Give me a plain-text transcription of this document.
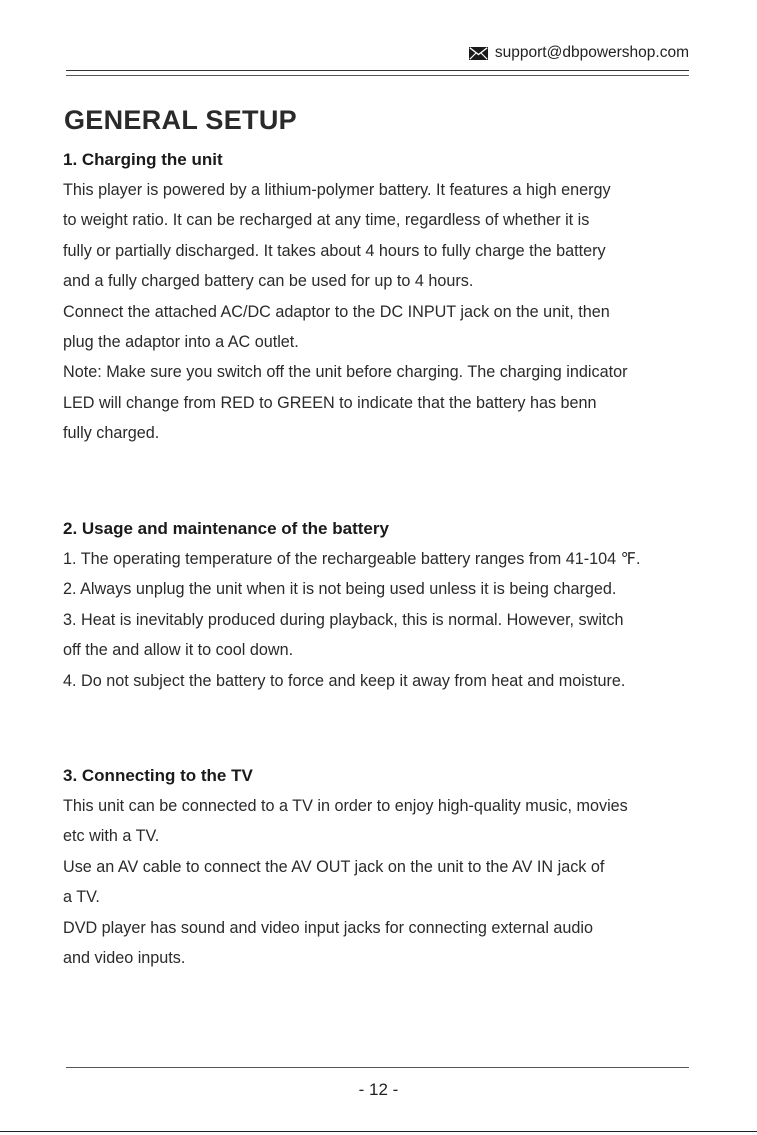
support@dbpowershop.com
GENERAL SETUP
1. Charging the unit
This player is powered by a lithium-polymer battery. It features a high energy
to weight ratio. It can be recharged at any time, regardless of whether it is
fully or partially discharged. It takes about 4 hours to fully charge the battery
and a fully charged battery can be used for up to 4 hours.
Connect the attached AC/DC adaptor to the DC INPUT jack on the unit, then
plug the adaptor into a AC outlet.
Note: Make sure you switch off the unit before charging. The charging indicator
LED will change from RED to GREEN to indicate that the battery has benn
fully charged.
2. Usage and maintenance of the battery
1. The operating temperature of the rechargeable battery ranges from 41-104 ℉.
2. Always unplug the unit when it is not being used unless it is being charged.
3. Heat is inevitably produced during playback, this is normal. However, switch
off the and allow it to cool down.
4. Do not subject the battery to force and keep it away from heat and moisture.
3. Connecting to the TV
This unit can be connected to a TV in order to enjoy high-quality music, movies
etc with a TV.
Use an AV cable to connect the AV OUT jack on the unit to the AV IN jack of
a TV.
DVD player has sound and video input jacks for connecting external audio
and video inputs.
- 12 -
